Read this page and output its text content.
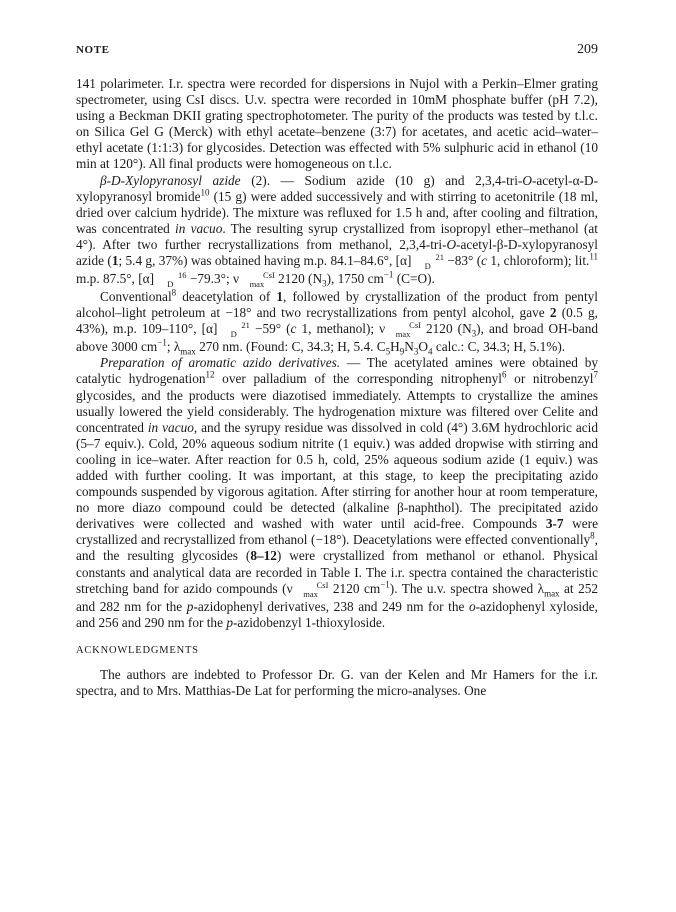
NOTE	209

141 polarimeter. I.r. spectra were recorded for dispersions in Nujol with a Perkin–Elmer grating spectrometer, using CsI discs. U.v. spectra were recorded in 10mM phosphate buffer (pH 7.2), using a Beckman DKII grating spectrophotometer. The purity of the products was tested by t.l.c. on Silica Gel G (Merck) with ethyl acetate–benzene (3:7) for acetates, and acetic acid–water–ethyl acetate (1:1:3) for glycosides. Detection was effected with 5% sulphuric acid in ethanol (10 min at 120°). All final products were homogeneous on t.l.c.

β-D-Xylopyranosyl azide (2). — Sodium azide (10 g) and 2,3,4-tri-O-acetyl-α-D-xylopyranosyl bromide$^{10}$ (15 g) were added successively and with stirring to acetonitrile (18 ml, dried over calcium hydride). The mixture was refluxed for 1.5 h and, after cooling and filtration, was concentrated in vacuo. The resulting syrup crystallized from isopropyl ether–methanol (at 4°). After two further recrystallizations from methanol, 2,3,4-tri-O-acetyl-β-D-xylopyranosyl azide (1; 5.4 g, 37%) was obtained having m.p. 84.1–84.6°, [α]	21
D −83° (c 1, chloroform); lit.$^{11}$ m.p. 87.5°, [α]	16
D −79.3°; ν	CsI
max 2120 $(N_3)$, 1750 $cm^{-1}$ (C=O).

Conventional$^8$ deacetylation of 1, followed by crystallization of the product from pentyl alcohol–light petroleum at −18° and two recrystallizations from pentyl alcohol, gave 2 (0.5 g, 43%), m.p. 109–110°, [α]	21
D −59° (c 1, methanol); ν	CsI
max 2120 $(N_3)$, and broad OH-band above 3000 $cm^{-1}$; $\lambda_{max}$ 270 nm. (Found: C, 34.3; H, 5.4. $C_5H_9N_3O_4$ calc.: C, 34.3; H, 5.1%).

Preparation of aromatic azido derivatives. — The acetylated amines were obtained by catalytic hydrogenation$^{12}$ over palladium of the corresponding nitrophenyl$^6$ or nitrobenzyl$^7$ glycosides, and the products were diazotised immediately. Attempts to crystallize the amines usually lowered the yield considerably. The hydrogenation mixture was filtered over Celite and concentrated in vacuo, and the syrupy residue was dissolved in cold (4°) 3.6M hydrochloric acid (5–7 equiv.). Cold, 20% aqueous sodium nitrite (1 equiv.) was added dropwise with stirring and cooling in ice–water. After reaction for 0.5 h, cold, 25% aqueous sodium azide (1 equiv.) was added with further cooling. It was important, at this stage, to keep the precipitating azido compounds suspended by vigorous agitation. After stirring for another hour at room temperature, no more diazo compound could be detected (alkaline β-naphthol). The precipitated azido derivatives were collected and washed with water until acid-free. Compounds 3-7 were crystallized and recrystallized from ethanol (−18°). Deacetylations were effected conventionally$^8$, and the resulting glycosides (8–12) were crystallized from methanol or ethanol. Physical constants and analytical data are recorded in Table I. The i.r. spectra contained the characteristic stretching band for azido compounds (ν	CsI
max 2120 $cm^{-1}$). The u.v. spectra showed $\lambda_{max}$ at 252 and 282 nm for the p-azidophenyl derivatives, 238 and 249 nm for the o-azidophenyl xyloside, and 256 and 290 nm for the p-azidobenzyl 1-thioxyloside.

ACKNOWLEDGMENTS

The authors are indebted to Professor Dr. G. van der Kelen and Mr Hamers for the i.r. spectra, and to Mrs. Matthias-De Lat for performing the micro-analyses. One
